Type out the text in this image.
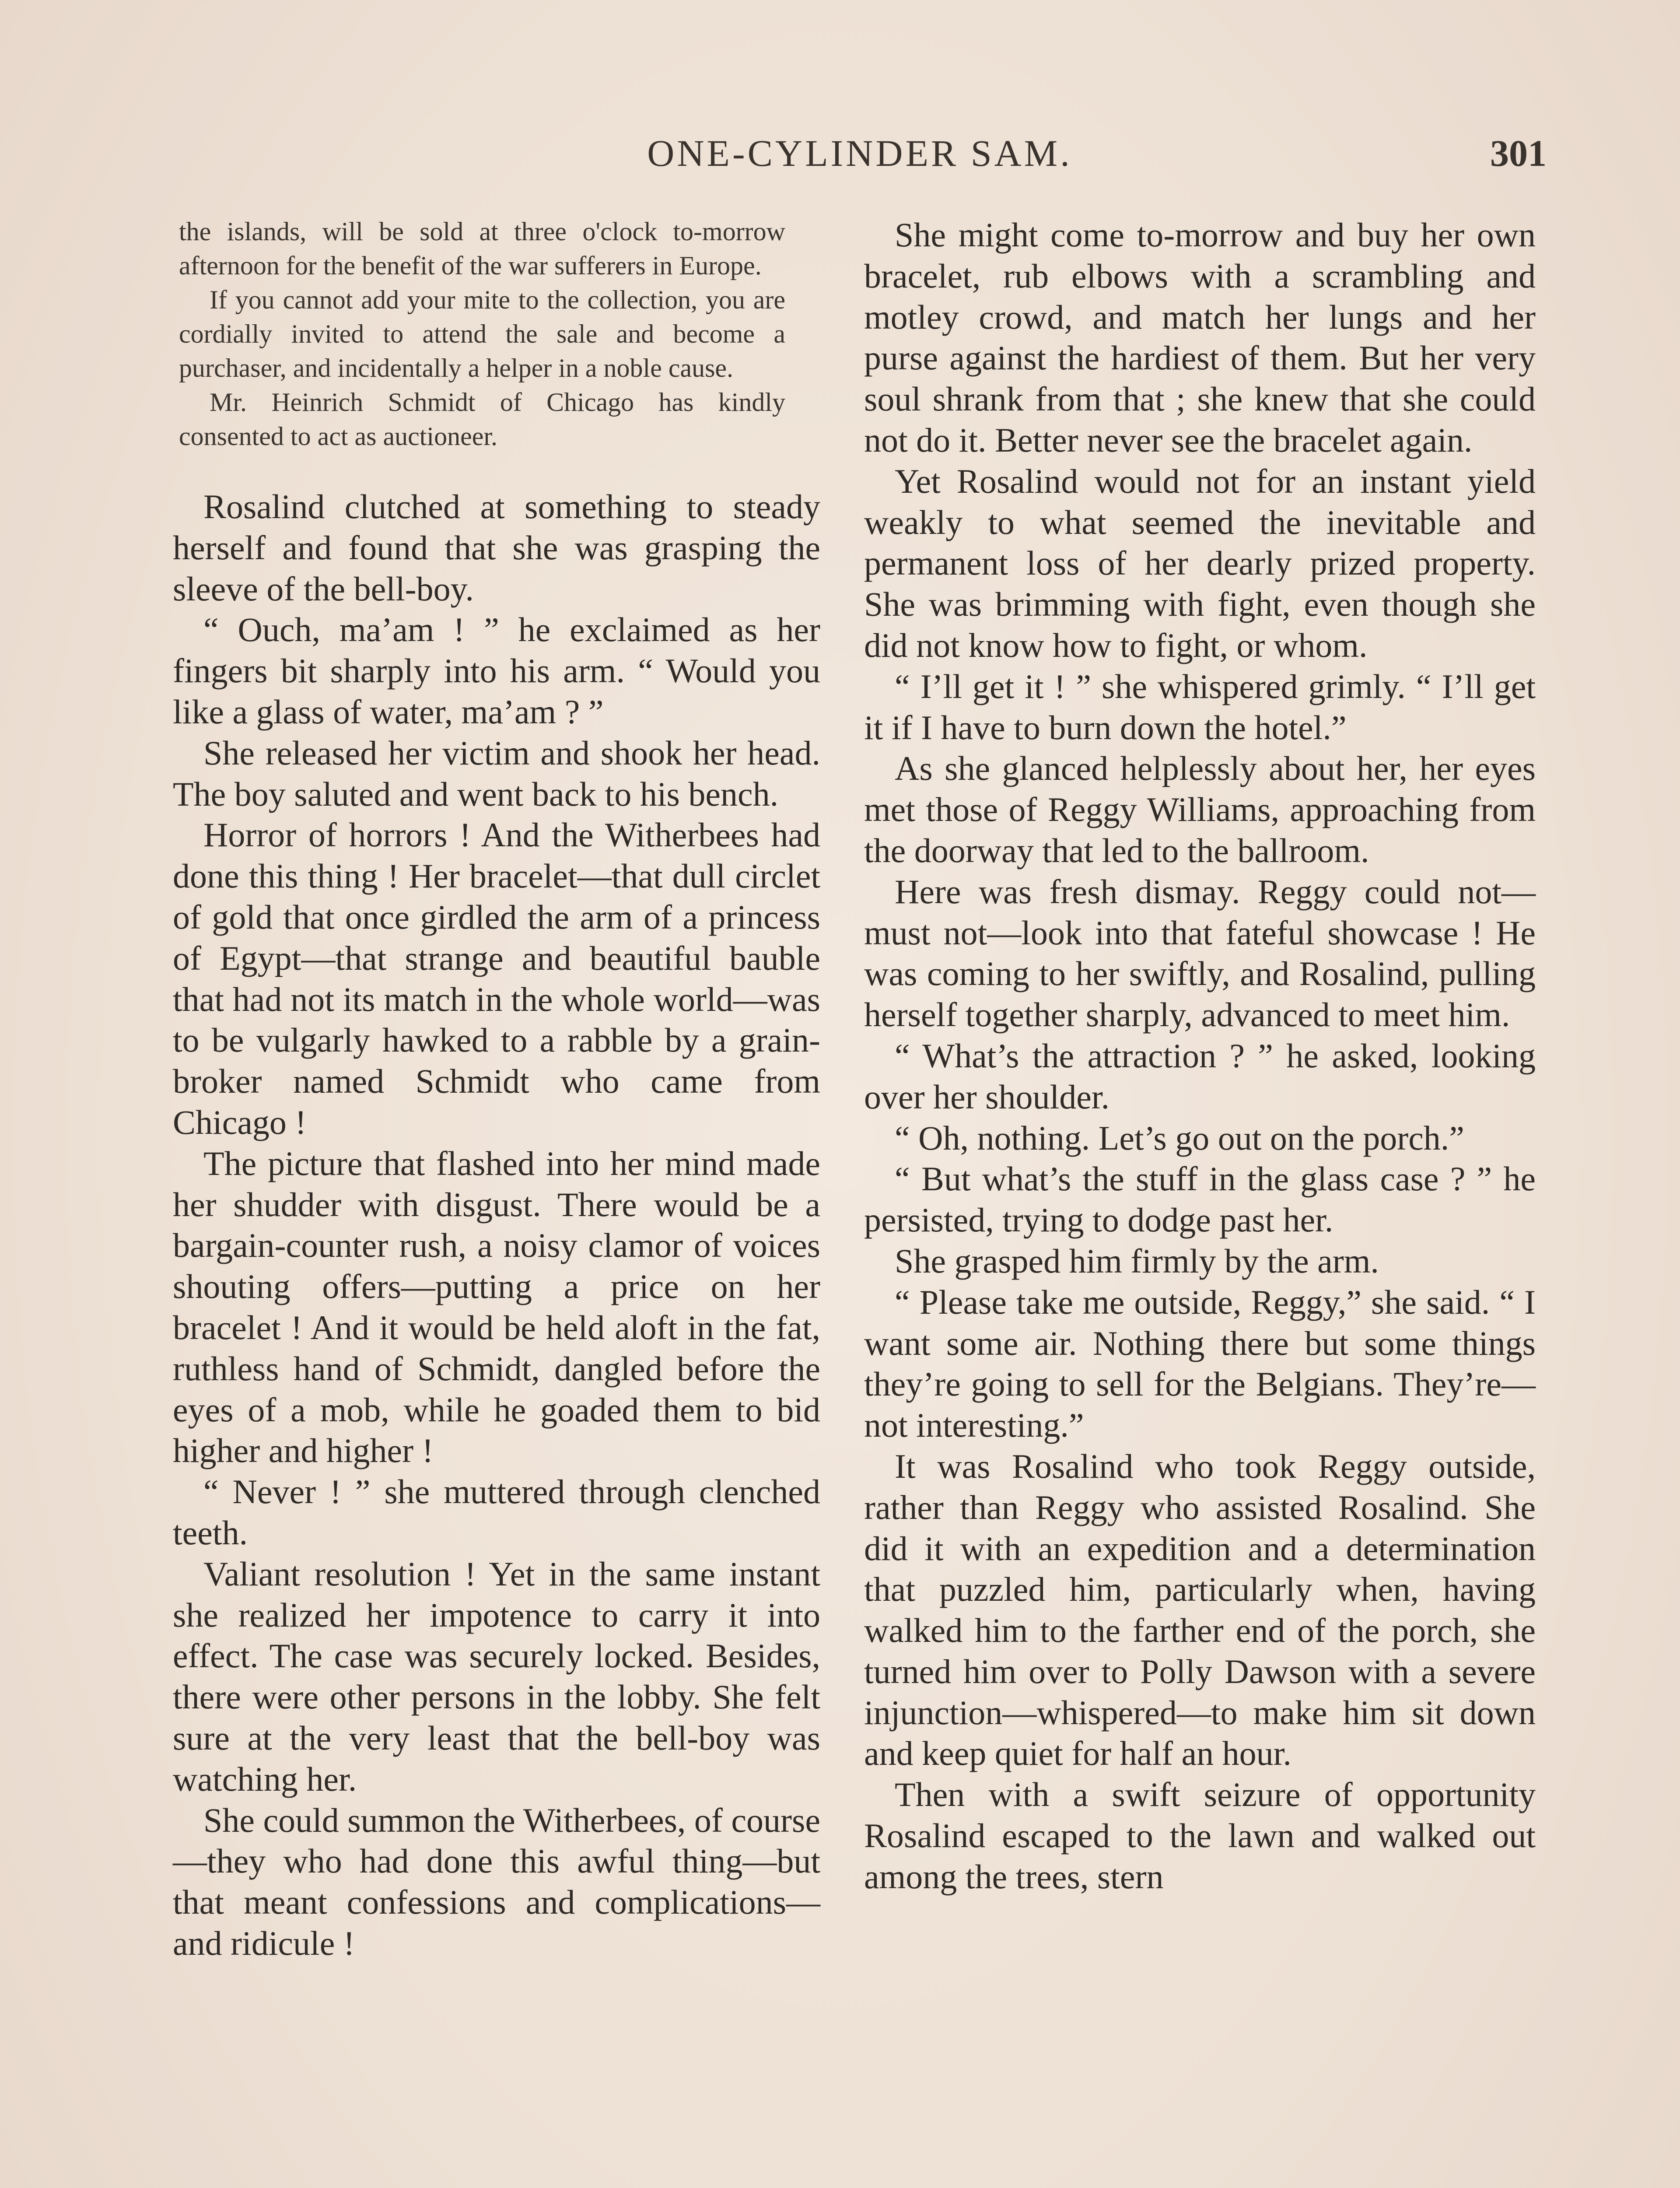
ONE-CYLINDER SAM.	301

the islands, will be sold at three o'clock to-morrow afternoon for the benefit of the war sufferers in Europe.

If you cannot add your mite to the collection, you are cordially invited to attend the sale and become a purchaser, and incidentally a helper in a noble cause.

Mr. Heinrich Schmidt of Chicago has kindly consented to act as auctioneer.

Rosalind clutched at something to steady herself and found that she was grasping the sleeve of the bell-boy.

“ Ouch, ma’am ! ” he exclaimed as her fingers bit sharply into his arm. “ Would you like a glass of water, ma’am ? ”

She released her victim and shook her head. The boy saluted and went back to his bench.

Horror of horrors ! And the Witherbees had done this thing ! Her bracelet—that dull circlet of gold that once girdled the arm of a princess of Egypt—that strange and beautiful bauble that had not its match in the whole world—was to be vulgarly hawked to a rabble by a grain-broker named Schmidt who came from Chicago !

The picture that flashed into her mind made her shudder with disgust. There would be a bargain-counter rush, a noisy clamor of voices shouting offers—putting a price on her bracelet ! And it would be held aloft in the fat, ruthless hand of Schmidt, dangled before the eyes of a mob, while he goaded them to bid higher and higher !

“ Never ! ” she muttered through clenched teeth.

Valiant resolution ! Yet in the same instant she realized her impotence to carry it into effect. The case was securely locked. Besides, there were other persons in the lobby. She felt sure at the very least that the bell-boy was watching her.

She could summon the Witherbees, of course—they who had done this awful thing—but that meant confessions and complications—and ridicule !

She might come to-morrow and buy her own bracelet, rub elbows with a scrambling and motley crowd, and match her lungs and her purse against the hardiest of them. But her very soul shrank from that ; she knew that she could not do it. Better never see the bracelet again.

Yet Rosalind would not for an instant yield weakly to what seemed the inevitable and permanent loss of her dearly prized property. She was brimming with fight, even though she did not know how to fight, or whom.

“ I’ll get it ! ” she whispered grimly. “ I’ll get it if I have to burn down the hotel.”

As she glanced helplessly about her, her eyes met those of Reggy Williams, approaching from the doorway that led to the ballroom.

Here was fresh dismay. Reggy could not—must not—look into that fateful showcase ! He was coming to her swiftly, and Rosalind, pulling herself together sharply, advanced to meet him.

“ What’s the attraction ? ” he asked, looking over her shoulder.

“ Oh, nothing. Let’s go out on the porch.”

“ But what’s the stuff in the glass case ? ” he persisted, trying to dodge past her.

She grasped him firmly by the arm.

“ Please take me outside, Reggy,” she said. “ I want some air. Nothing there but some things they’re going to sell for the Belgians. They’re—not interesting.”

It was Rosalind who took Reggy outside, rather than Reggy who assisted Rosalind. She did it with an expedition and a determination that puzzled him, particularly when, having walked him to the farther end of the porch, she turned him over to Polly Dawson with a severe injunction—whispered—to make him sit down and keep quiet for half an hour.

Then with a swift seizure of opportunity Rosalind escaped to the lawn and walked out among the trees, stern
